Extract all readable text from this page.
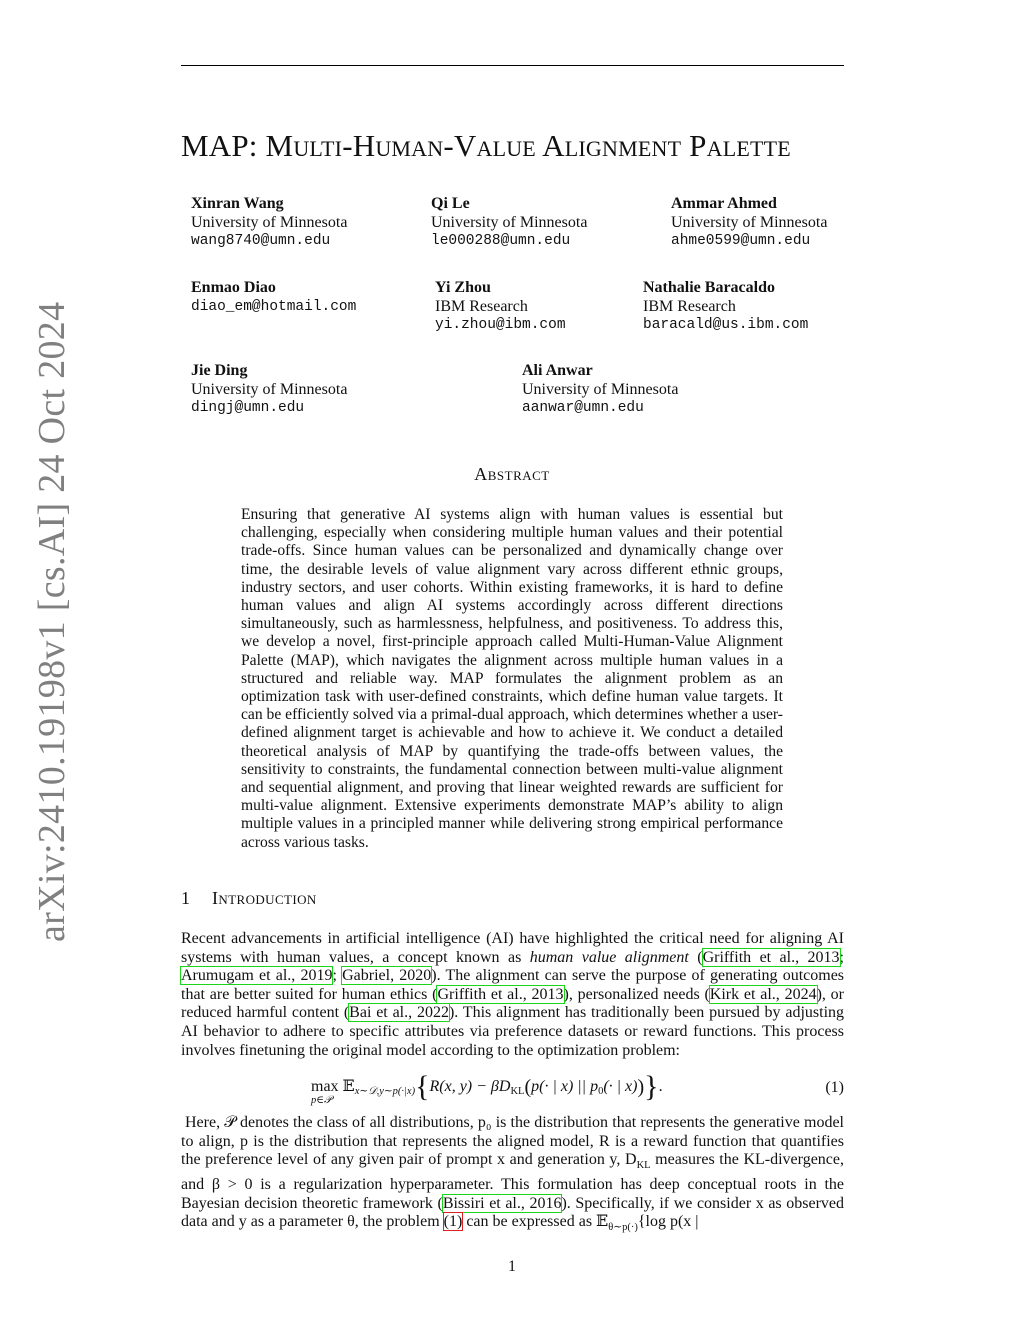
arXiv:2410.19198v1 [cs.AI] 24 Oct 2024
MAP: Multi-Human-Value Alignment Palette
Xinran Wang
University of Minnesota
wang8740@umn.edu
Qi Le
University of Minnesota
le000288@umn.edu
Ammar Ahmed
University of Minnesota
ahme0599@umn.edu
Enmao Diao
diao_em@hotmail.com
Yi Zhou
IBM Research
yi.zhou@ibm.com
Nathalie Baracaldo
IBM Research
baracald@us.ibm.com
Jie Ding
University of Minnesota
dingj@umn.edu
Ali Anwar
University of Minnesota
aanwar@umn.edu
Abstract
Ensuring that generative AI systems align with human values is essential but challenging, especially when considering multiple human values and their potential trade-offs. Since human values can be personalized and dynamically change over time, the desirable levels of value alignment vary across different ethnic groups, industry sectors, and user cohorts. Within existing frameworks, it is hard to define human values and align AI systems accordingly across different directions simultaneously, such as harmlessness, helpfulness, and positiveness. To address this, we develop a novel, first-principle approach called Multi-Human-Value Alignment Palette (MAP), which navigates the alignment across multiple human values in a structured and reliable way. MAP formulates the alignment problem as an optimization task with user-defined constraints, which define human value targets. It can be efficiently solved via a primal-dual approach, which determines whether a user-defined alignment target is achievable and how to achieve it. We conduct a detailed theoretical analysis of MAP by quantifying the trade-offs between values, the sensitivity to constraints, the fundamental connection between multi-value alignment and sequential alignment, and proving that linear weighted rewards are sufficient for multi-value alignment. Extensive experiments demonstrate MAP’s ability to align multiple values in a principled manner while delivering strong empirical performance across various tasks.
1 Introduction
Recent advancements in artificial intelligence (AI) have highlighted the critical need for aligning AI systems with human values, a concept known as human value alignment (Griffith et al., 2013; Arumugam et al., 2019; Gabriel, 2020). The alignment can serve the purpose of generating outcomes that are better suited for human ethics (Griffith et al., 2013), personalized needs (Kirk et al., 2024), or reduced harmful content (Bai et al., 2022). This alignment has traditionally been pursued by adjusting AI behavior to adhere to specific attributes via preference datasets or reward functions. This process involves finetuning the original model according to the optimization problem:
max 𝔼$_{x\sim 𝒟,y\sim p(\cdot|x)}${R(x, $y) - \beta D_{KL}(p(\cdot$ | x) || $p_0(\cdot$ | x))}.
p∈𝒫
(1)
Here, 𝒫 denotes the class of all distributions, p₀ is the distribution that represents the generative model to align, p is the distribution that represents the aligned model, R is a reward function that quantifies the preference level of any given pair of prompt x and generation y, $D_{KL}$ measures the KL-divergence, and β > 0 is a regularization hyperparameter. This formulation has deep conceptual roots in the Bayesian decision theoretic framework (Bissiri et al., 2016). Specifically, if we consider x as observed data and y as a parameter θ, the problem (1) can be expressed as 𝔼$_{\theta\sim p(\cdot)}${log p(x |
1
